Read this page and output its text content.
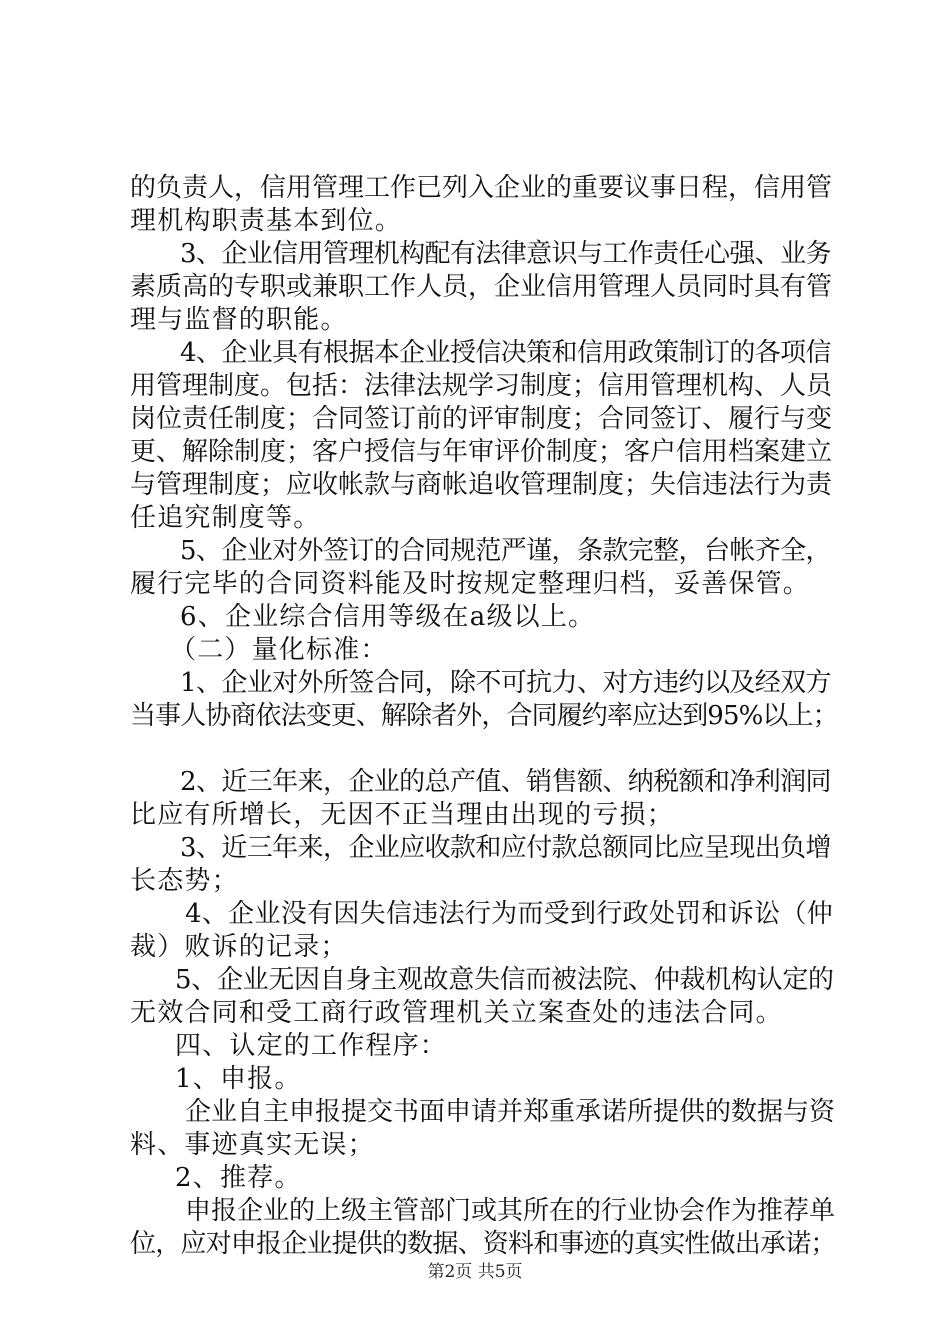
的负责人，信用管理工作已列入企业的重要议事日程，信用管
理机构职责基本到位。
3、企业信用管理机构配有法律意识与工作责任心强、业务
素质高的专职或兼职工作人员，企业信用管理人员同时具有管
理与监督的职能。
4、企业具有根据本企业授信决策和信用政策制订的各项信
用管理制度。包括：法律法规学习制度；信用管理机构、人员
岗位责任制度；合同签订前的评审制度；合同签订、履行与变
更、解除制度；客户授信与年审评价制度；客户信用档案建立
与管理制度；应收帐款与商帐追收管理制度；失信违法行为责
任追究制度等。
5、企业对外签订的合同规范严谨，条款完整，台帐齐全，
履行完毕的合同资料能及时按规定整理归档，妥善保管。
6、企业综合信用等级在a级以上。
（二）量化标准：
1、企业对外所签合同，除不可抗力、对方违约以及经双方
当事人协商依法变更、解除者外，合同履约率应达到95%以上；
2、近三年来，企业的总产值、销售额、纳税额和净利润同
比应有所增长，无因不正当理由出现的亏损；
3、近三年来，企业应收款和应付款总额同比应呈现出负增
长态势；
4、企业没有因失信违法行为而受到行政处罚和诉讼（仲
裁）败诉的记录；
5、企业无因自身主观故意失信而被法院、仲裁机构认定的
无效合同和受工商行政管理机关立案查处的违法合同。
四、认定的工作程序：
1、申报。
企业自主申报提交书面申请并郑重承诺所提供的数据与资
料、事迹真实无误；
2、推荐。
申报企业的上级主管部门或其所在的行业协会作为推荐单
位，应对申报企业提供的数据、资料和事迹的真实性做出承诺；
第2页 共5页
